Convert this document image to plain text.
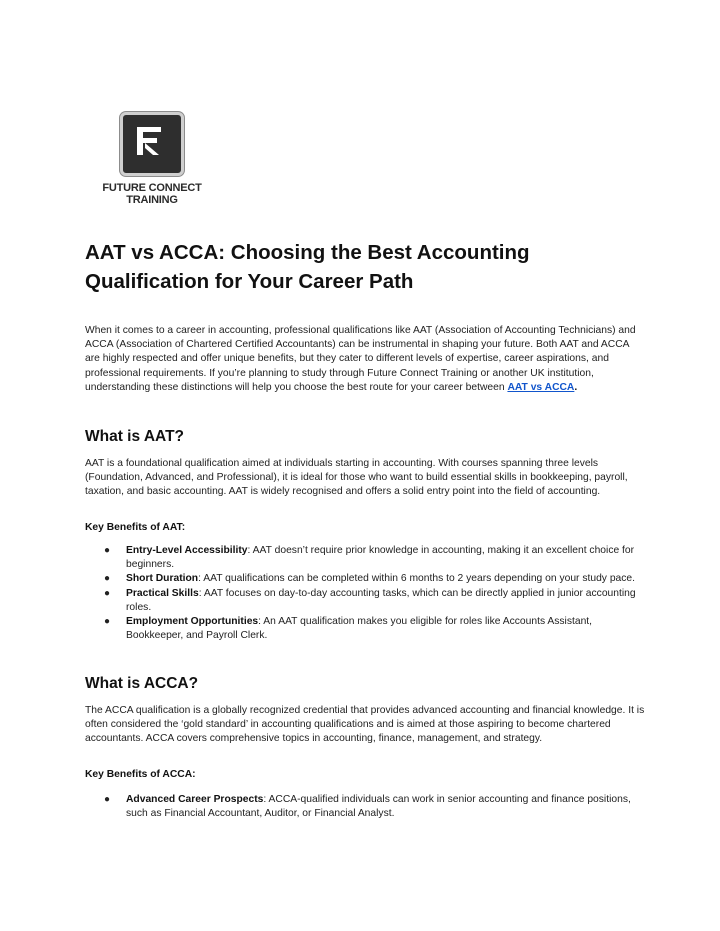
FUTURE CONNECT
TRAINING
AAT vs ACCA: Choosing the Best Accounting Qualification for Your Career Path

When it comes to a career in accounting, professional qualifications like AAT (Association of Accounting Technicians) and ACCA (Association of Chartered Certified Accountants) can be instrumental in shaping your future. Both AAT and ACCA are highly respected and offer unique benefits, but they cater to different levels of expertise, career aspirations, and professional requirements. If you’re planning to study through Future Connect Training or another UK institution, understanding these distinctions will help you choose the best route for your career between AAT vs ACCA.

What is AAT?

AAT is a foundational qualification aimed at individuals starting in accounting. With courses spanning three levels (Foundation, Advanced, and Professional), it is ideal for those who want to build essential skills in bookkeeping, payroll, taxation, and basic accounting. AAT is widely recognised and offers a solid entry point into the field of accounting.

Key Benefits of AAT:

● Entry-Level Accessibility: AAT doesn’t require prior knowledge in accounting, making it an excellent choice for beginners.
● Short Duration: AAT qualifications can be completed within 6 months to 2 years depending on your study pace.
● Practical Skills: AAT focuses on day-to-day accounting tasks, which can be directly applied in junior accounting roles.
● Employment Opportunities: An AAT qualification makes you eligible for roles like Accounts Assistant, Bookkeeper, and Payroll Clerk.
What is ACCA?

The ACCA qualification is a globally recognized credential that provides advanced accounting and financial knowledge. It is often considered the ‘gold standard’ in accounting qualifications and is aimed at those aspiring to become chartered accountants. ACCA covers comprehensive topics in accounting, finance, management, and strategy.

Key Benefits of ACCA:

● Advanced Career Prospects: ACCA-qualified individuals can work in senior accounting and finance positions, such as Financial Accountant, Auditor, or Financial Analyst.
